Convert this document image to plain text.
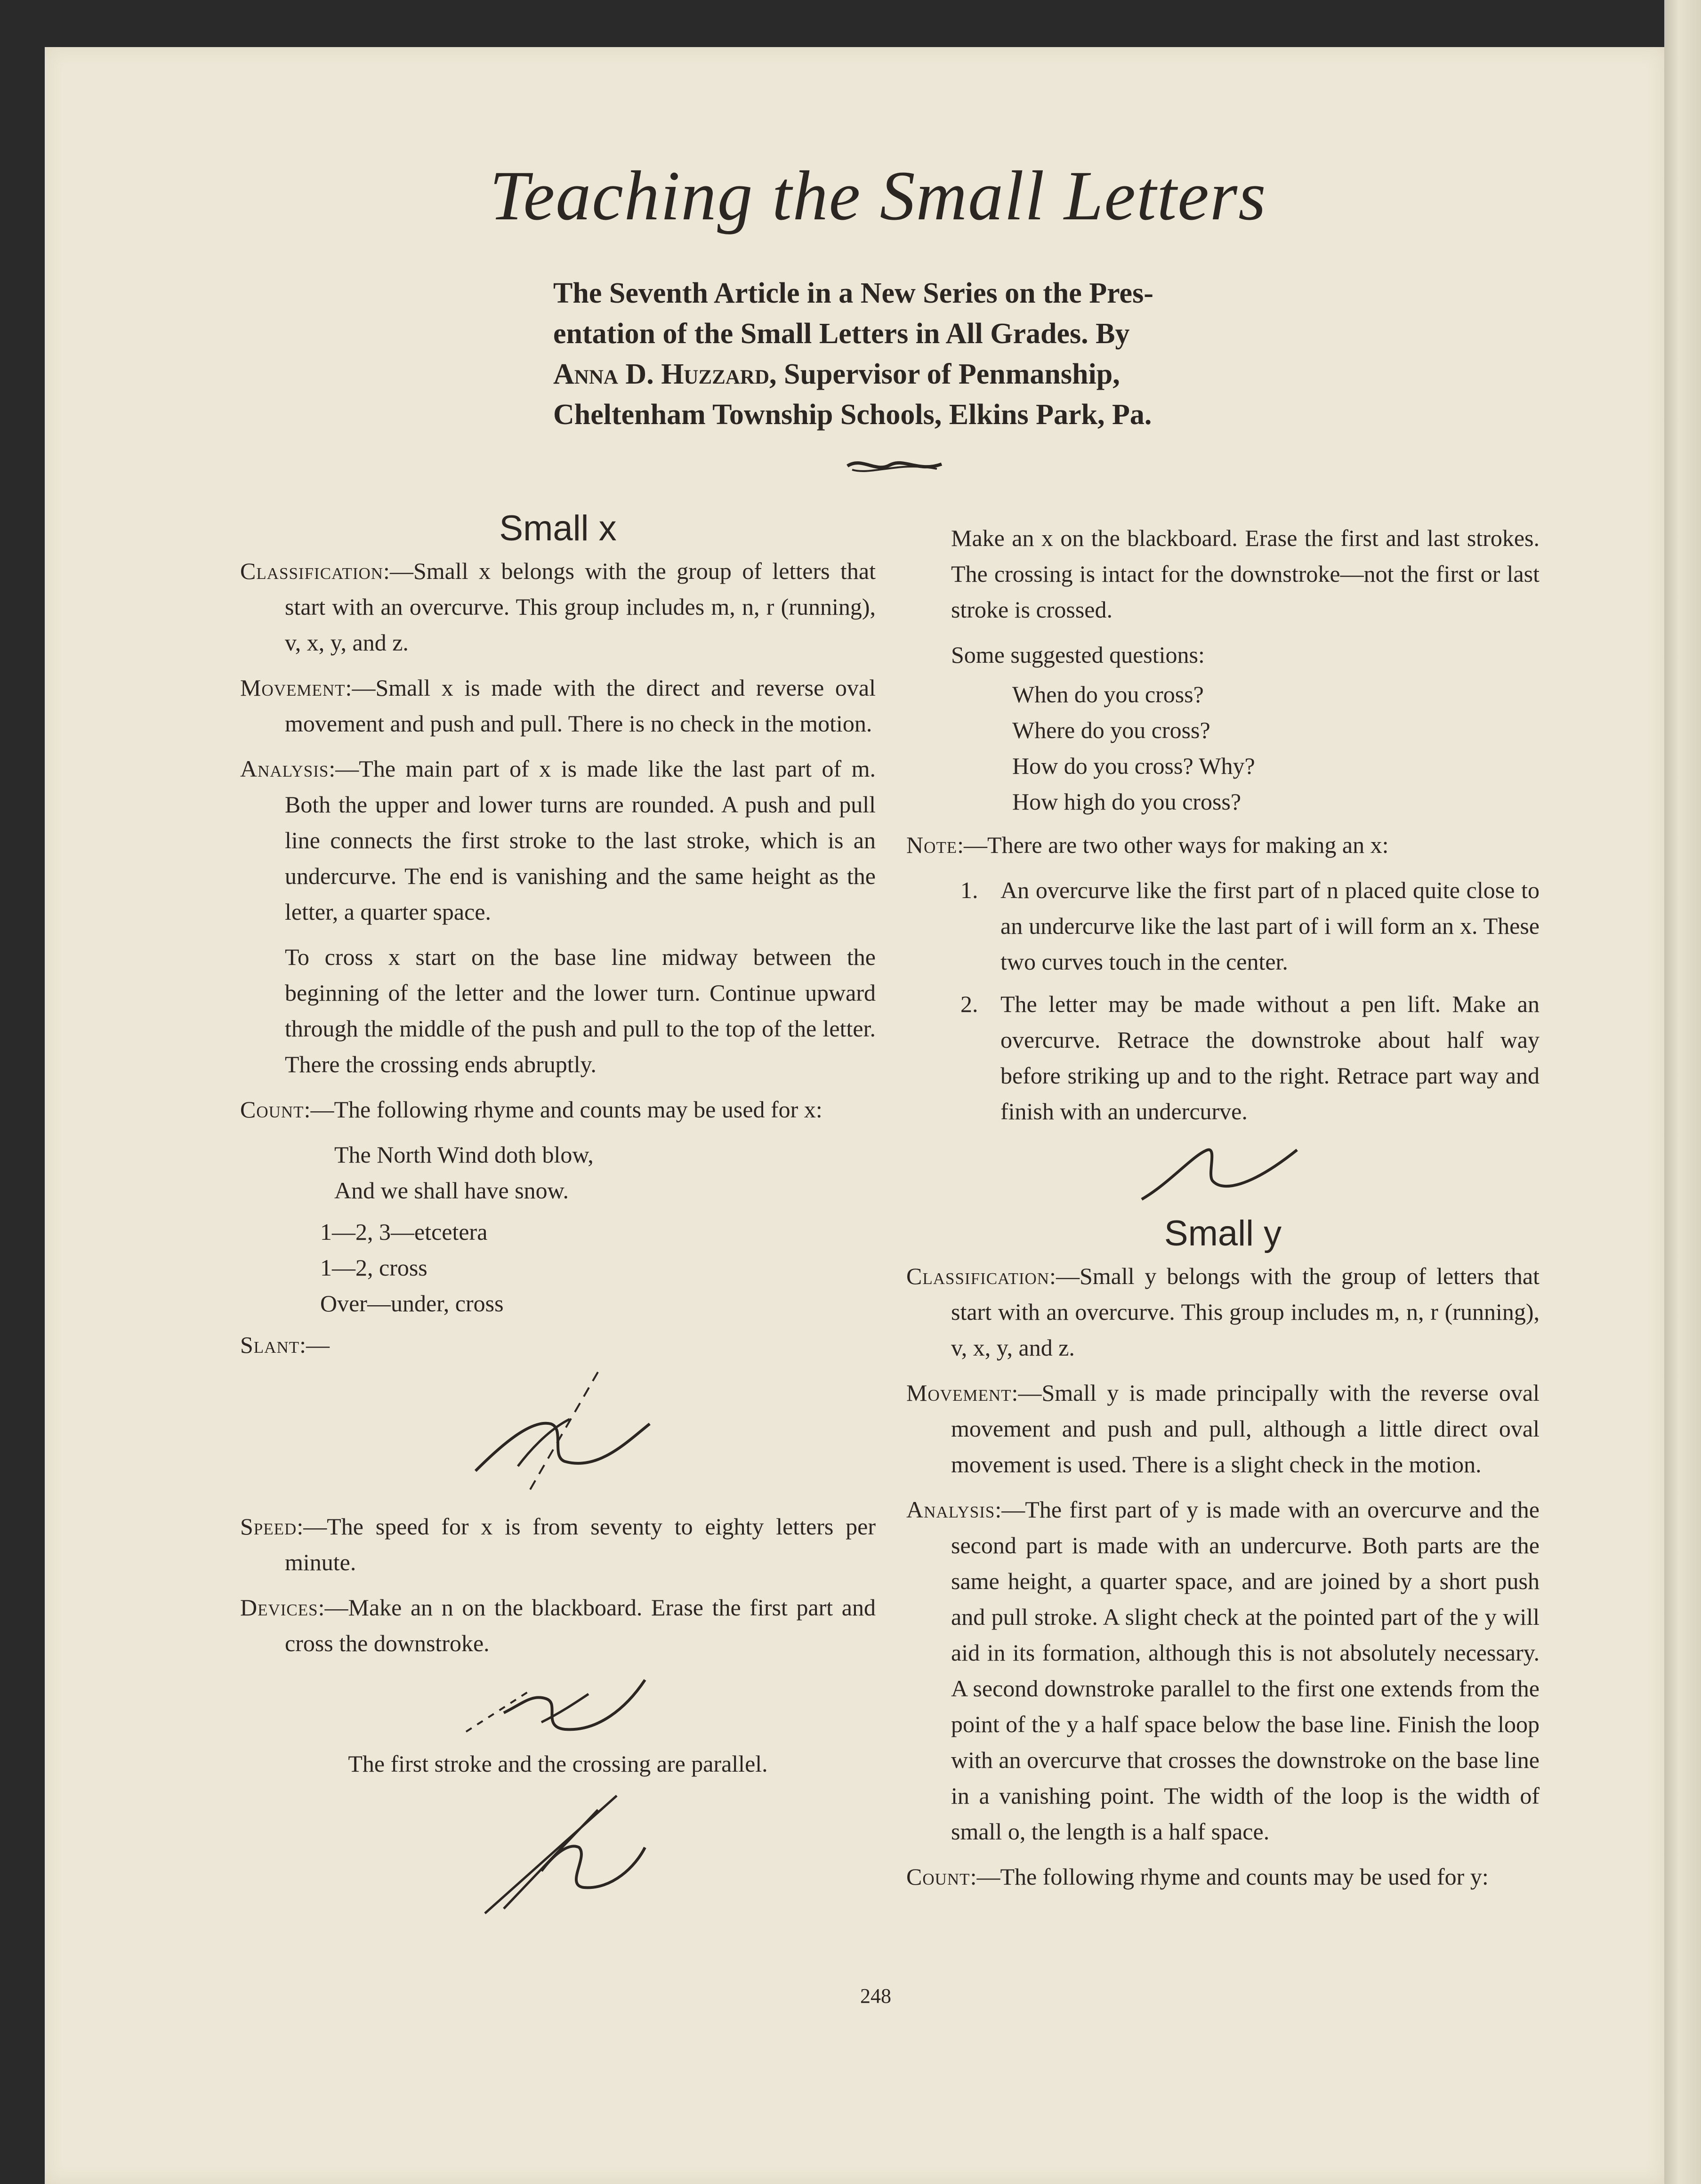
Teaching the Small Letters
The Seventh Article in a New Series on the Pres-
entation of the Small Letters in All Grades. By
Anna D. Huzzard, Supervisor of Penmanship,
Cheltenham Township Schools, Elkins Park, Pa.
Small x
Classification:—Small x belongs with the group of letters that start with an overcurve. This group includes m, n, r (running), v, x, y, and z.
Movement:—Small x is made with the direct and reverse oval movement and push and pull. There is no check in the motion.
Analysis:—The main part of x is made like the last part of m. Both the upper and lower turns are rounded. A push and pull line connects the first stroke to the last stroke, which is an undercurve. The end is vanishing and the same height as the letter, a quarter space.
To cross x start on the base line midway between the beginning of the letter and the lower turn. Continue upward through the middle of the push and pull to the top of the letter. There the crossing ends abruptly.
Count:—The following rhyme and counts may be used for x:
The North Wind doth blow,
And we shall have snow.
1—2, 3—etcetera
1—2, cross
Over—under, cross
Slant:—
Speed:—The speed for x is from seventy to eighty letters per minute.
Devices:—Make an n on the blackboard. Erase the first part and cross the downstroke.
The first stroke and the crossing are parallel.
Make an x on the blackboard. Erase the first and last strokes. The crossing is intact for the downstroke—not the first or last stroke is crossed.
Some suggested questions:
When do you cross?
Where do you cross?
How do you cross? Why?
How high do you cross?
Note:—There are two other ways for making an x:
1. An overcurve like the first part of n placed quite close to an undercurve like the last part of i will form an x. These two curves touch in the center.
2. The letter may be made without a pen lift. Make an overcurve. Retrace the downstroke about half way before striking up and to the right. Retrace part way and finish with an undercurve.
Small y
Classification:—Small y belongs with the group of letters that start with an overcurve. This group includes m, n, r (running), v, x, y, and z.
Movement:—Small y is made principally with the reverse oval movement and push and pull, although a little direct oval movement is used. There is a slight check in the motion.
Analysis:—The first part of y is made with an overcurve and the second part is made with an undercurve. Both parts are the same height, a quarter space, and are joined by a short push and pull stroke. A slight check at the pointed part of the y will aid in its formation, although this is not absolutely necessary. A second downstroke parallel to the first one extends from the point of the y a half space below the base line. Finish the loop with an overcurve that crosses the downstroke on the base line in a vanishing point. The width of the loop is the width of small o, the length is a half space.
Count:—The following rhyme and counts may be used for y:
248
